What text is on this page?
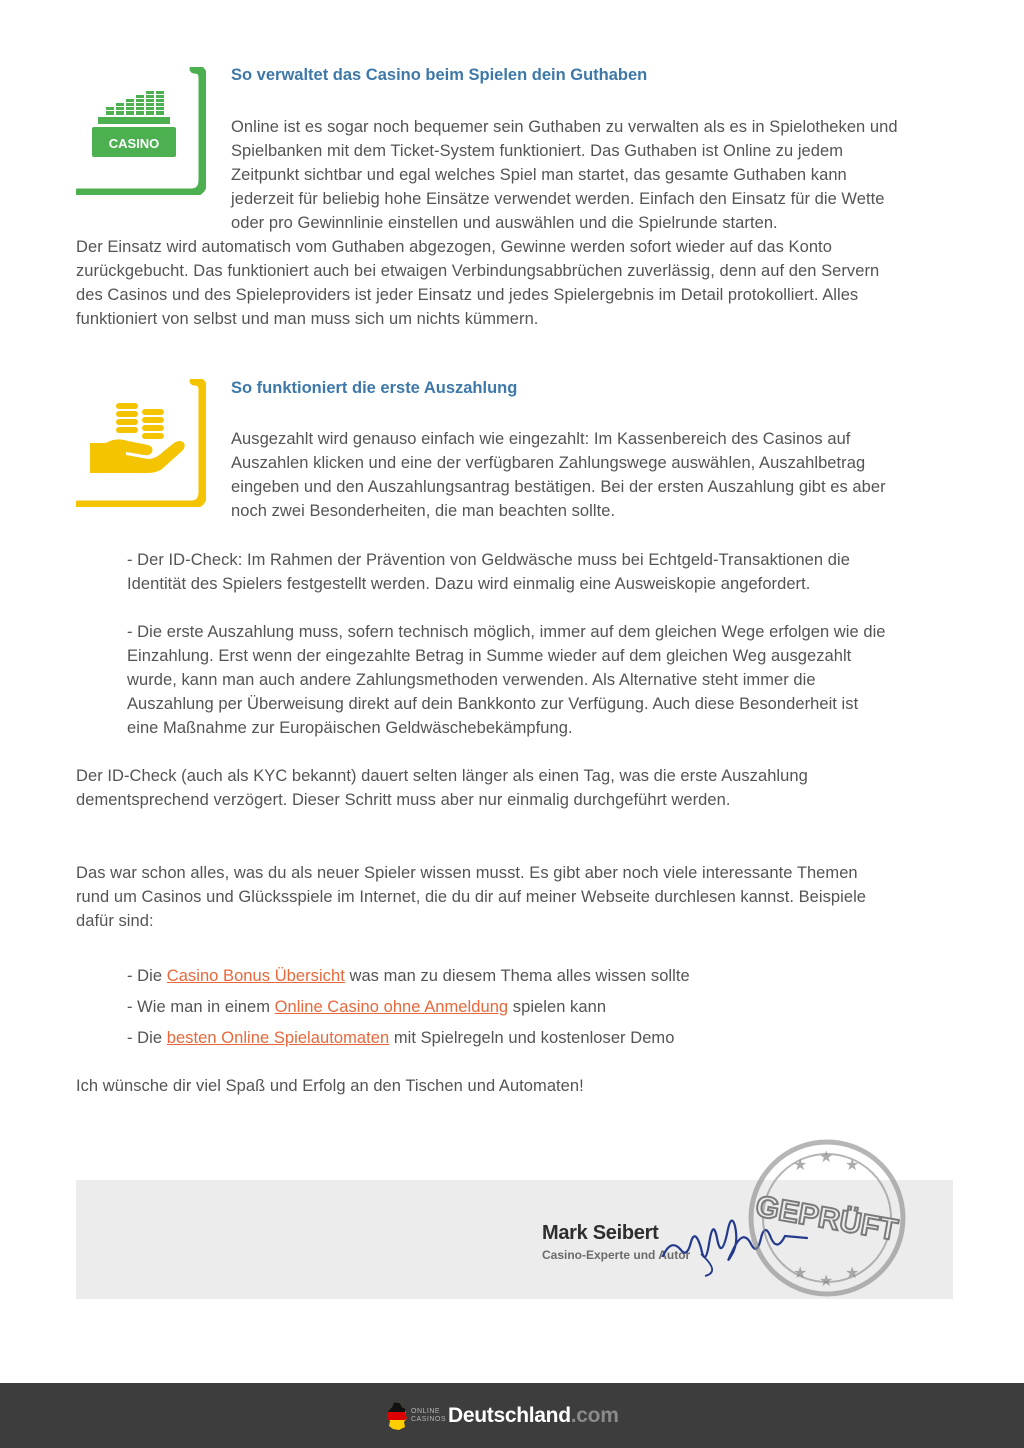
CASINO
So verwaltet das Casino beim Spielen dein Guthaben

Online ist es sogar noch bequemer sein Guthaben zu verwalten als es in Spielotheken und

Spielbanken mit dem Ticket-System funktioniert. Das Guthaben ist Online zu jedem

Zeitpunkt sichtbar und egal welches Spiel man startet, das gesamte Guthaben kann

jederzeit für beliebig hohe Einsätze verwendet werden. Einfach den Einsatz für die Wette

oder pro Gewinnlinie einstellen und auswählen und die Spielrunde starten.

Der Einsatz wird automatisch vom Guthaben abgezogen, Gewinne werden sofort wieder auf das Konto

zurückgebucht. Das funktioniert auch bei etwaigen Verbindungsabbrüchen zuverlässig, denn auf den Servern

des Casinos und des Spieleproviders ist jeder Einsatz und jedes Spielergebnis im Detail protokolliert. Alles

funktioniert von selbst und man muss sich um nichts kümmern.

So funktioniert die erste Auszahlung

Ausgezahlt wird genauso einfach wie eingezahlt: Im Kassenbereich des Casinos auf

Auszahlen klicken und eine der verfügbaren Zahlungswege auswählen, Auszahlbetrag

eingeben und den Auszahlungsantrag bestätigen. Bei der ersten Auszahlung gibt es aber

noch zwei Besonderheiten, die man beachten sollte.

- Der ID-Check: Im Rahmen der Prävention von Geldwäsche muss bei Echtgeld-Transaktionen die

Identität des Spielers festgestellt werden. Dazu wird einmalig eine Ausweiskopie angefordert.

- Die erste Auszahlung muss, sofern technisch möglich, immer auf dem gleichen Wege erfolgen wie die

Einzahlung. Erst wenn der eingezahlte Betrag in Summe wieder auf dem gleichen Weg ausgezahlt

wurde, kann man auch andere Zahlungsmethoden verwenden. Als Alternative steht immer die

Auszahlung per Überweisung direkt auf dein Bankkonto zur Verfügung. Auch diese Besonderheit ist

eine Maßnahme zur Europäischen Geldwäschebekämpfung.

Der ID-Check (auch als KYC bekannt) dauert selten länger als einen Tag, was die erste Auszahlung

dementsprechend verzögert. Dieser Schritt muss aber nur einmalig durchgeführt werden.

Das war schon alles, was du als neuer Spieler wissen musst. Es gibt aber noch viele interessante Themen

rund um Casinos und Glücksspiele im Internet, die du dir auf meiner Webseite durchlesen kannst. Beispiele

dafür sind:

- Die Casino Bonus Übersicht was man zu diesem Thema alles wissen sollte

- Wie man in einem Online Casino ohne Anmeldung spielen kann

- Die besten Online Spielautomaten mit Spielregeln und kostenloser Demo

Ich wünsche dir viel Spaß und Erfolg an den Tischen und Automaten!

Mark Seibert
Casino-Experte und Autor
★ ★ ★
★ ★ ★
GEPRÜFT
ONLINE
CASINOS Deutschland .com
